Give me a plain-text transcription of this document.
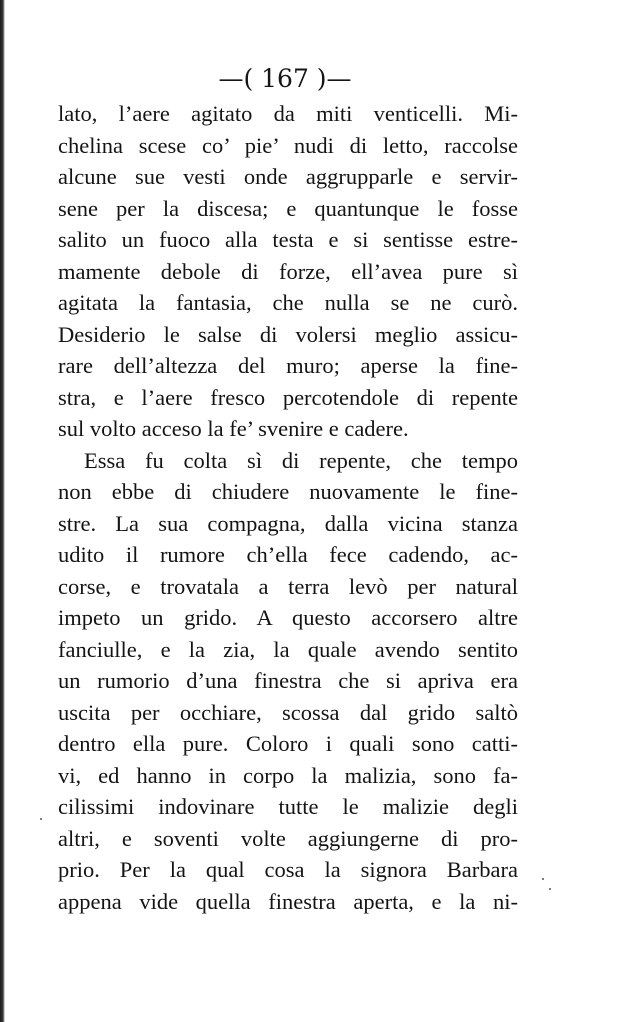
—( 167 )—
lato, l’aere agitato da miti venticelli. Mi-
chelina scese co’ pie’ nudi di letto, raccolse
alcune sue vesti onde aggrupparle e servir-
sene per la discesa; e quantunque le fosse
salito un fuoco alla testa e si sentisse estre-
mamente debole di forze, ell’avea pure sì
agitata la fantasia, che nulla se ne curò.
Desiderio le salse di volersi meglio assicu-
rare dell’altezza del muro; aperse la fine-
stra, e l’aere fresco percotendole di repente
sul volto acceso la fe’ svenire e cadere.
Essa fu colta sì di repente, che tempo
non ebbe di chiudere nuovamente le fine-
stre. La sua compagna, dalla vicina stanza
udito il rumore ch’ella fece cadendo, ac-
corse, e trovatala a terra levò per natural
impeto un grido. A questo accorsero altre
fanciulle, e la zia, la quale avendo sentito
un rumorio d’una finestra che si apriva era
uscita per occhiare, scossa dal grido saltò
dentro ella pure. Coloro i quali sono catti-
vi, ed hanno in corpo la malizia, sono fa-
cilissimi indovinare tutte le malizie degli
altri, e soventi volte aggiungerne di pro-
prio. Per la qual cosa la signora Barbara
appena vide quella finestra aperta, e la ni-
